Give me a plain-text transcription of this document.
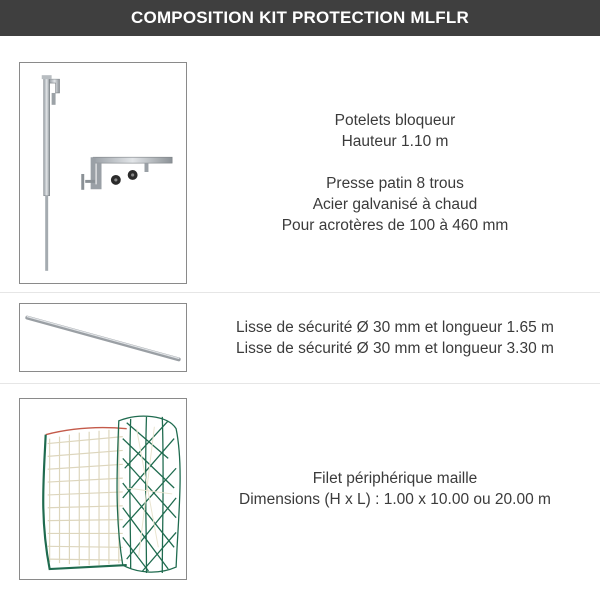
COMPOSITION KIT PROTECTION MLFLR
Potelets bloqueur
Hauteur 1.10 m
Presse patin 8 trous
Acier galvanisé à chaud
Pour acrotères de 100 à 460 mm
Lisse de sécurité Ø 30 mm et longueur 1.65 m
Lisse de sécurité Ø 30 mm et longueur 3.30 m
Filet périphérique maille
Dimensions (H x L) : 1.00 x 10.00 ou 20.00 m
